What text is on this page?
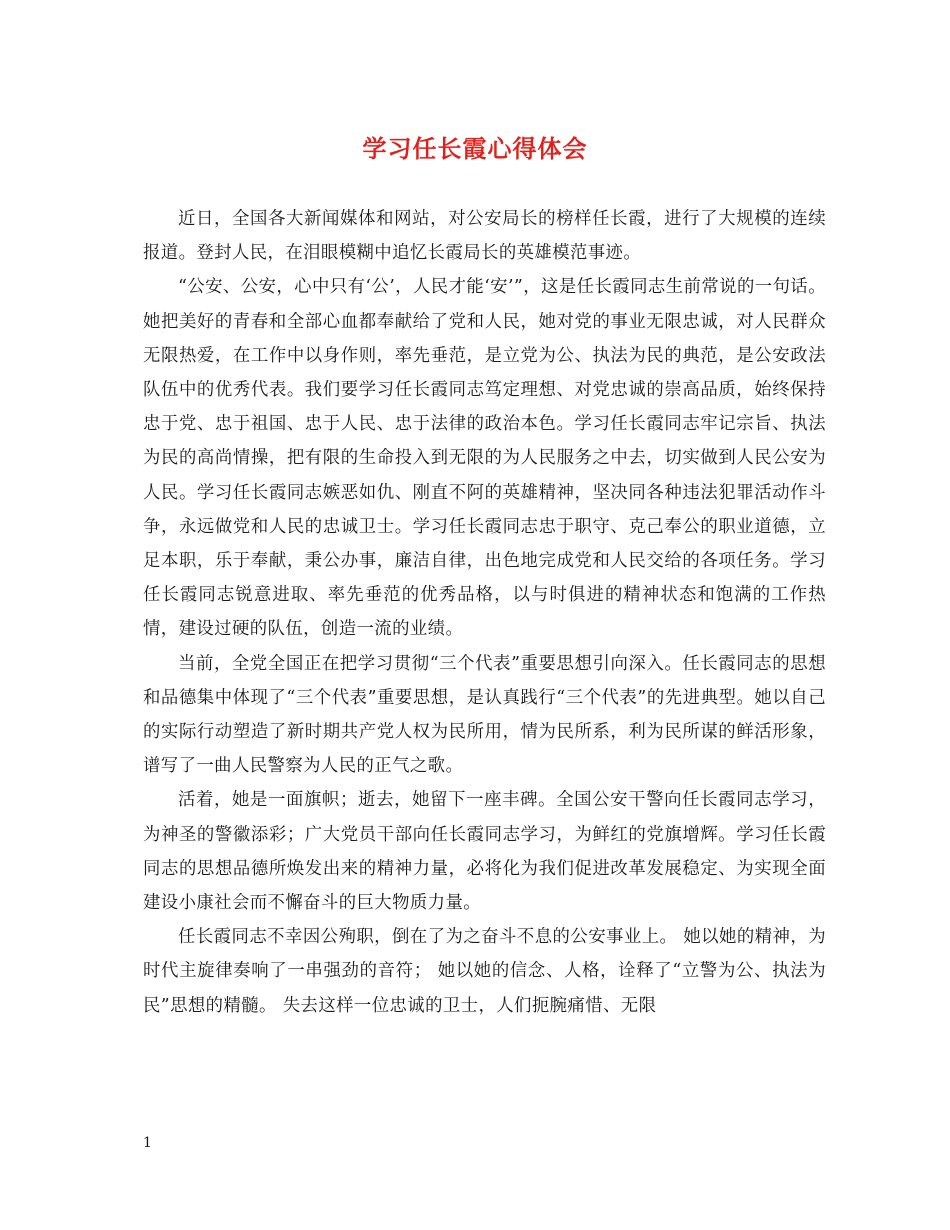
学习任长霞心得体会

近日，全国各大新闻媒体和网站，对公安局长的榜样任长霞，进行了大规模的连续报道。登封人民，在泪眼模糊中追忆长霞局长的英雄模范事迹。

“公安、公安，心中只有‘公’，人民才能‘安’”，这是任长霞同志生前常说的一句话。她把美好的青春和全部心血都奉献给了党和人民，她对党的事业无限忠诚，对人民群众无限热爱，在工作中以身作则，率先垂范，是立党为公、执法为民的典范，是公安政法队伍中的优秀代表。我们要学习任长霞同志笃定理想、对党忠诚的崇高品质，始终保持忠于党、忠于祖国、忠于人民、忠于法律的政治本色。学习任长霞同志牢记宗旨、执法为民的高尚情操，把有限的生命投入到无限的为人民服务之中去，切实做到人民公安为人民。学习任长霞同志嫉恶如仇、刚直不阿的英雄精神，坚决同各种违法犯罪活动作斗争，永远做党和人民的忠诚卫士。学习任长霞同志忠于职守、克己奉公的职业道德，立足本职，乐于奉献，秉公办事，廉洁自律，出色地完成党和人民交给的各项任务。学习任长霞同志锐意进取、率先垂范的优秀品格，以与时俱进的精神状态和饱满的工作热情，建设过硬的队伍，创造一流的业绩。

当前，全党全国正在把学习贯彻“三个代表”重要思想引向深入。任长霞同志的思想和品德集中体现了“三个代表”重要思想，是认真践行“三个代表”的先进典型。她以自己的实际行动塑造了新时期共产党人权为民所用，情为民所系，利为民所谋的鲜活形象，谱写了一曲人民警察为人民的正气之歌。

活着，她是一面旗帜；逝去，她留下一座丰碑。全国公安干警向任长霞同志学习，为神圣的警徽添彩；广大党员干部向任长霞同志学习，为鲜红的党旗增辉。学习任长霞同志的思想品德所焕发出来的精神力量，必将化为我们促进改革发展稳定、为实现全面建设小康社会而不懈奋斗的巨大物质力量。

任长霞同志不幸因公殉职，倒在了为之奋斗不息的公安事业上。 她以她的精神，为时代主旋律奏响了一串强劲的音符； 她以她的信念、人格，诠释了“立警为公、执法为民”思想的精髓。 失去这样一位忠诚的卫士，人们扼腕痛惜、无限

1
